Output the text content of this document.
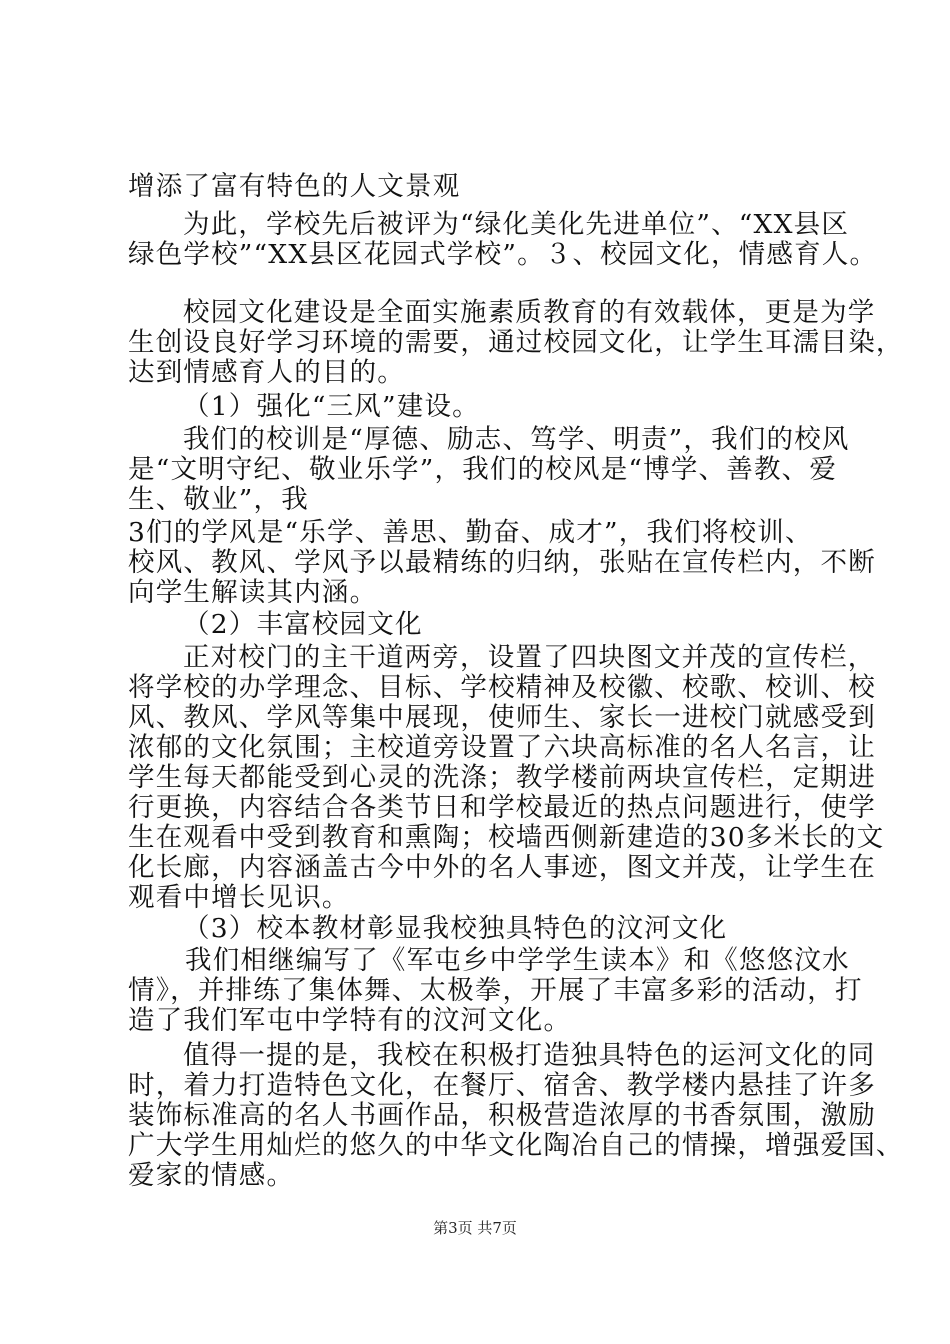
增添了富有特色的人文景观
为此，学校先后被评为“绿化美化先进单位”、“XX县区
绿色学校”“XX县区花园式学校”。３、校园文化，情感育人。
校园文化建设是全面实施素质教育的有效载体，更是为学
生创设良好学习环境的需要，通过校园文化，让学生耳濡目染，
达到情感育人的目的。
（1）强化“三风”建设。
我们的校训是“厚德、励志、笃学、明责”，我们的校风
是“文明守纪、敬业乐学”，我们的校风是“博学、善教、爱
生、敬业”，我
3们的学风是“乐学、善思、勤奋、成才”，我们将校训、
校风、教风、学风予以最精练的归纳，张贴在宣传栏内，不断
向学生解读其内涵。
（2）丰富校园文化
正对校门的主干道两旁，设置了四块图文并茂的宣传栏，
将学校的办学理念、目标、学校精神及校徽、校歌、校训、校
风、教风、学风等集中展现，使师生、家长一进校门就感受到
浓郁的文化氛围；主校道旁设置了六块高标准的名人名言，让
学生每天都能受到心灵的洗涤；教学楼前两块宣传栏，定期进
行更换，内容结合各类节日和学校最近的热点问题进行，使学
生在观看中受到教育和熏陶；校墙西侧新建造的30多米长的文
化长廊，内容涵盖古今中外的名人事迹，图文并茂，让学生在
观看中增长见识。
（3）校本教材彰显我校独具特色的汶河文化
我们相继编写了《军屯乡中学学生读本》和《悠悠汶水
情》，并排练了集体舞、太极拳，开展了丰富多彩的活动，打
造了我们军屯中学特有的汶河文化。
值得一提的是，我校在积极打造独具特色的运河文化的同
时，着力打造特色文化，在餐厅、宿舍、教学楼内悬挂了许多
装饰标准高的名人书画作品，积极营造浓厚的书香氛围，激励
广大学生用灿烂的悠久的中华文化陶冶自己的情操，增强爱国、
爱家的情感。
第3页 共7页
